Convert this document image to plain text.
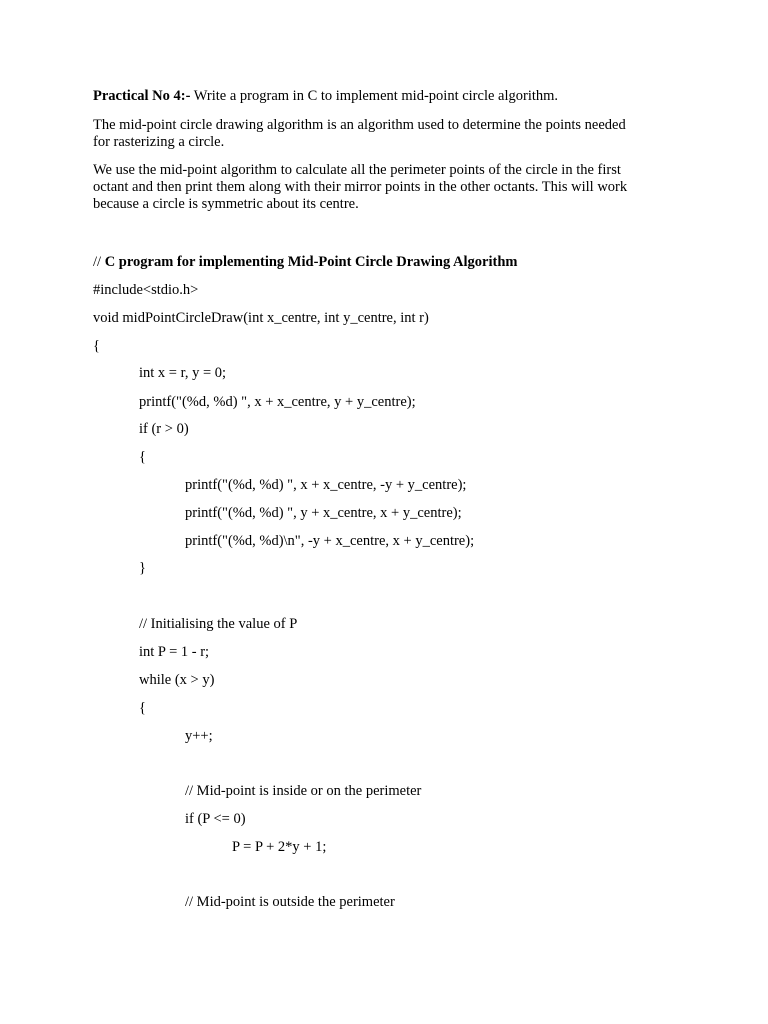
Practical No 4:- Write a program in C to implement mid-point circle algorithm.
The mid-point circle drawing algorithm is an algorithm used to determine the points needed
for rasterizing a circle.
We use the mid-point algorithm to calculate all the perimeter points of the circle in the first
octant and then print them along with their mirror points in the other octants. This will work
because a circle is symmetric about its centre.
// C program for implementing Mid-Point Circle Drawing Algorithm
#include<stdio.h>
void midPointCircleDraw(int x_centre, int y_centre, int r)
{
int x = r, y = 0;
printf("(%d, %d) ", x + x_centre, y + y_centre);
if (r > 0)
{
printf("(%d, %d) ", x + x_centre, -y + y_centre);
printf("(%d, %d) ", y + x_centre, x + y_centre);
printf("(%d, %d)\n", -y + x_centre, x + y_centre);
}
// Initialising the value of P
int P = 1 - r;
while (x > y)
{
y++;
// Mid-point is inside or on the perimeter
if (P <= 0)
P = P + 2*y + 1;
// Mid-point is outside the perimeter
